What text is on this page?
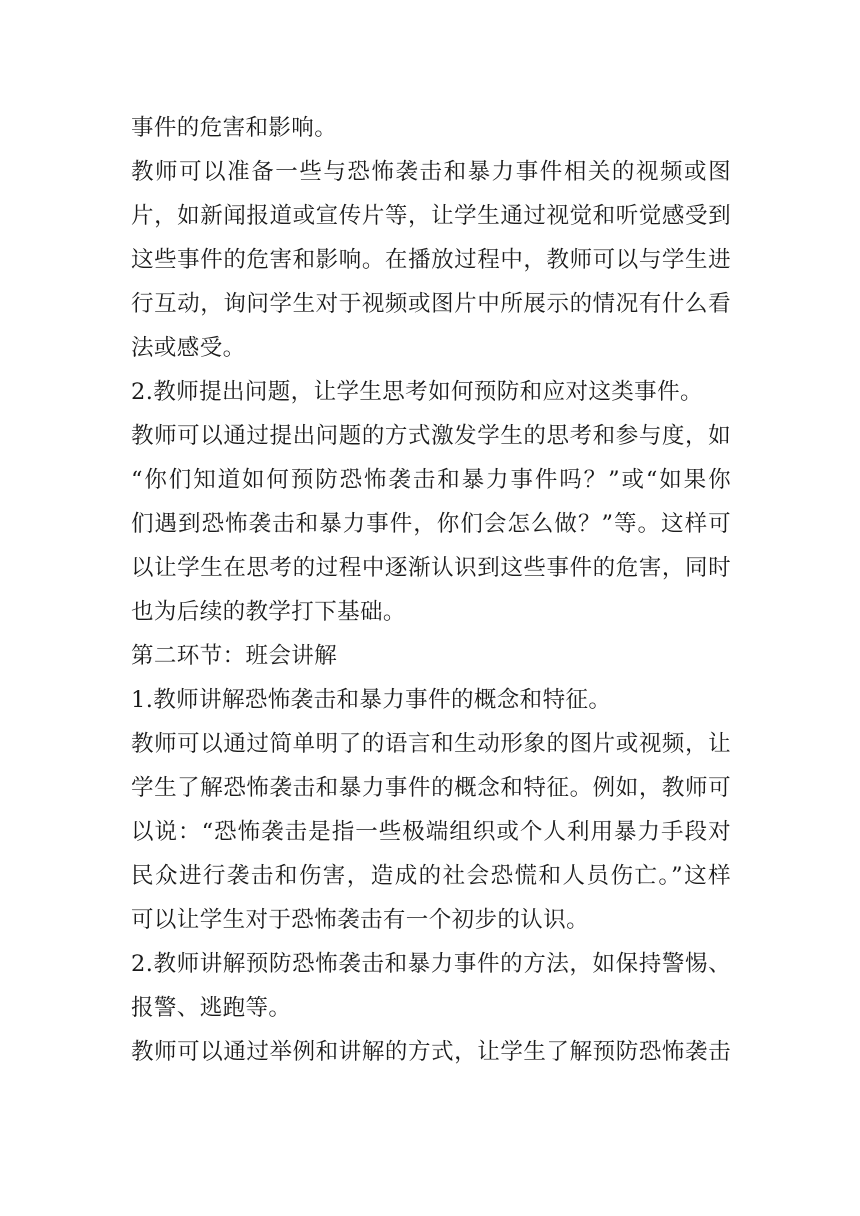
事件的危害和影响。
教师可以准备一些与恐怖袭击和暴力事件相关的视频或图
片，如新闻报道或宣传片等，让学生通过视觉和听觉感受到
这些事件的危害和影响。在播放过程中，教师可以与学生进
行互动，询问学生对于视频或图片中所展示的情况有什么看
法或感受。
2.教师提出问题，让学生思考如何预防和应对这类事件。
教师可以通过提出问题的方式激发学生的思考和参与度，如
“你们知道如何预防恐怖袭击和暴力事件吗？”或“如果你
们遇到恐怖袭击和暴力事件，你们会怎么做？”等。这样可
以让学生在思考的过程中逐渐认识到这些事件的危害，同时
也为后续的教学打下基础。
第二环节：班会讲解
1.教师讲解恐怖袭击和暴力事件的概念和特征。
教师可以通过简单明了的语言和生动形象的图片或视频，让
学生了解恐怖袭击和暴力事件的概念和特征。例如，教师可
以说：“恐怖袭击是指一些极端组织或个人利用暴力手段对
民众进行袭击和伤害，造成的社会恐慌和人员伤亡。”这样
可以让学生对于恐怖袭击有一个初步的认识。
2.教师讲解预防恐怖袭击和暴力事件的方法，如保持警惕、
报警、逃跑等。
教师可以通过举例和讲解的方式，让学生了解预防恐怖袭击
